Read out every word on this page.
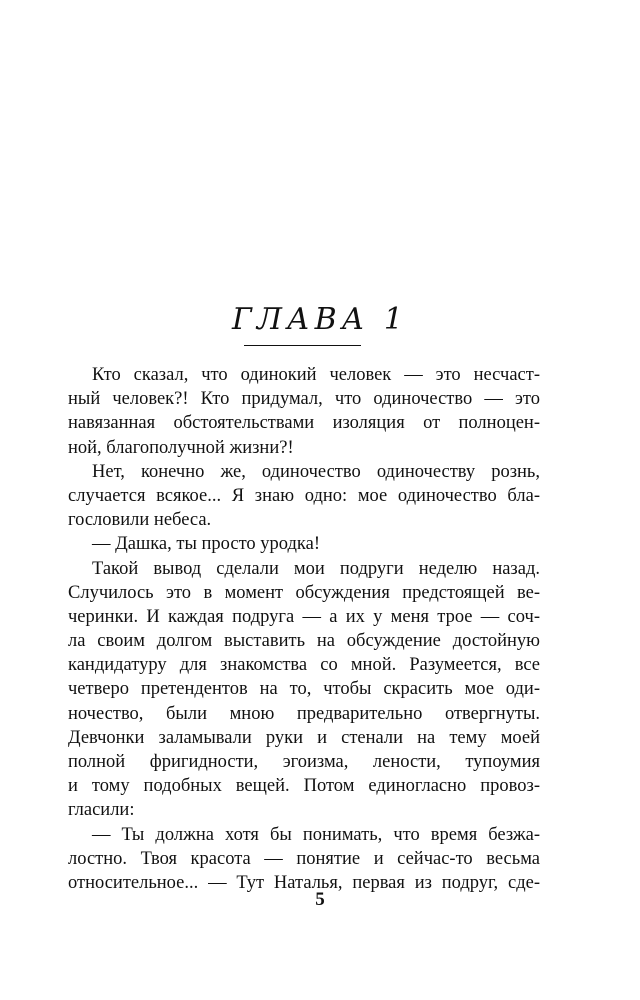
ГЛАВА 1
Кто сказал, что одинокий человек — это несчаст-
ный человек?! Кто придумал, что одиночество — это
навязанная обстоятельствами изоляция от полноцен-
ной, благополучной жизни?!
Нет, конечно же, одиночество одиночеству рознь,
случается всякое... Я знаю одно: мое одиночество бла-
гословили небеса.
— Дашка, ты просто уродка!
Такой вывод сделали мои подруги неделю назад.
Случилось это в момент обсуждения предстоящей ве-
черинки. И каждая подруга — а их у меня трое — соч-
ла своим долгом выставить на обсуждение достойную
кандидатуру для знакомства со мной. Разумеется, все
четверо претендентов на то, чтобы скрасить мое оди-
ночество, были мною предварительно отвергнуты.
Девчонки заламывали руки и стенали на тему моей
полной фригидности, эгоизма, лености, тупоумия
и тому подобных вещей. Потом единогласно провоз-
гласили:
— Ты должна хотя бы понимать, что время безжа-
лостно. Твоя красота — понятие и сейчас-то весьма
относительное... — Тут Наталья, первая из подруг, сде-
5
